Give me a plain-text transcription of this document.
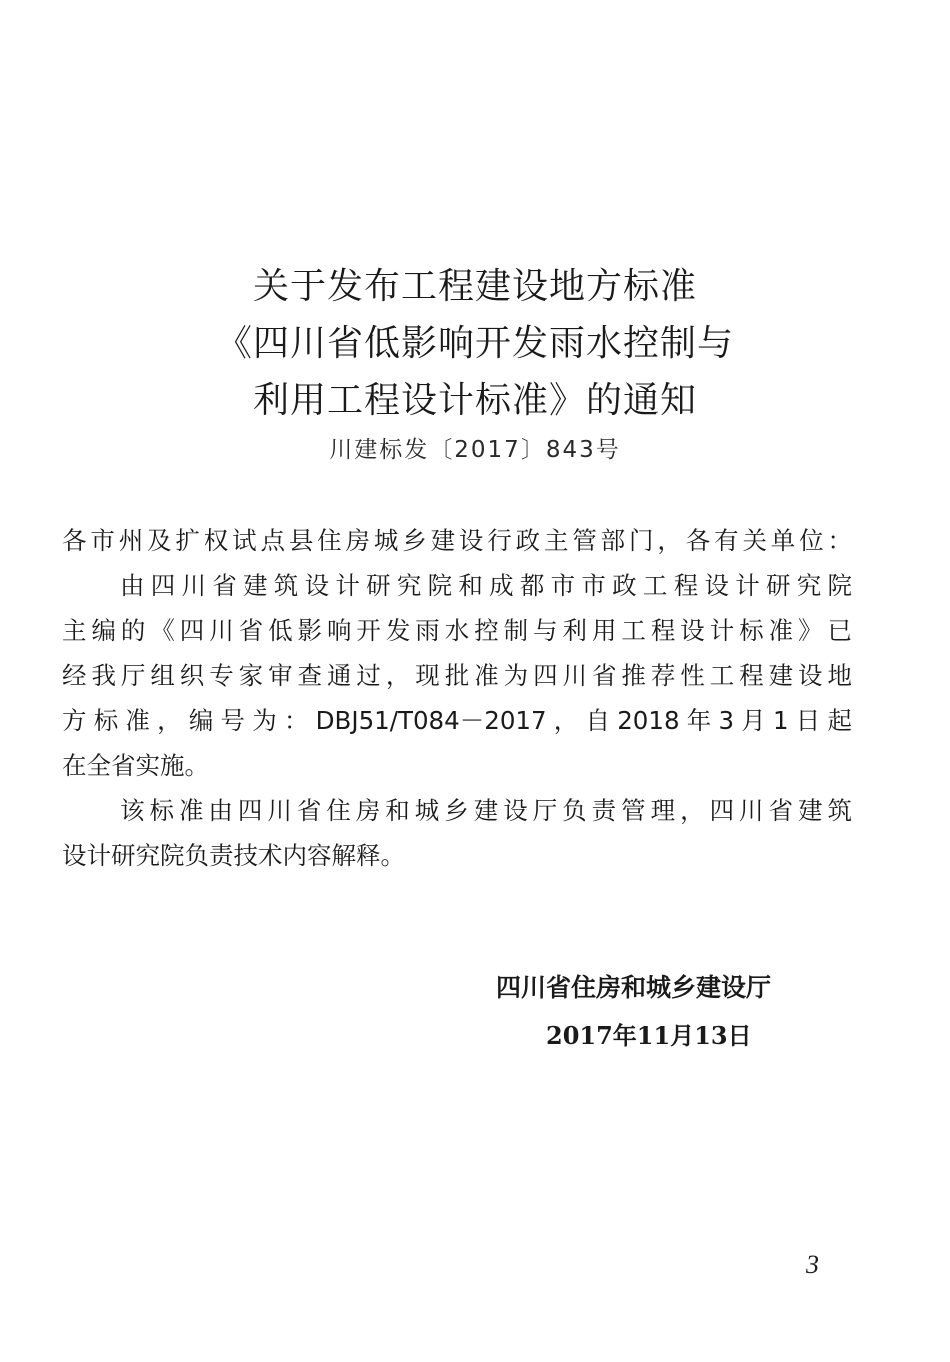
关于发布工程建设地方标准
《四川省低影响开发雨水控制与
利用工程设计标准》的通知
川建标发〔2017〕843号
各市州及扩权试点县住房城乡建设行政主管部门，各有关单位：
由四川省建筑设计研究院和成都市市政工程设计研究院
主编的《四川省低影响开发雨水控制与利用工程设计标准》已
经我厅组织专家审查通过，现批准为四川省推荐性工程建设地
方标准，编号为：DBJ51/T084－2017，自2018年3月1日起
在全省实施。
该标准由四川省住房和城乡建设厅负责管理，四川省建筑
设计研究院负责技术内容解释。
四川省住房和城乡建设厅
2017年11月13日
3
